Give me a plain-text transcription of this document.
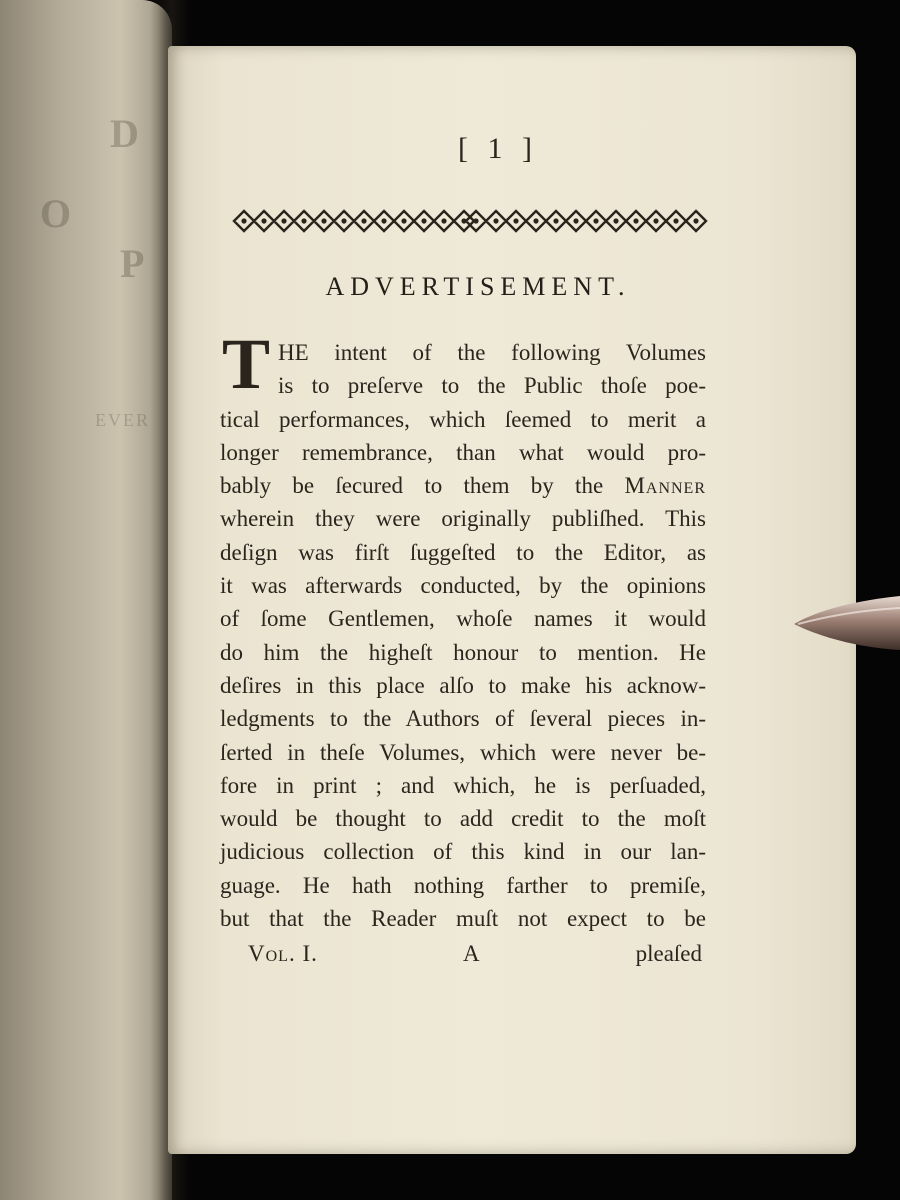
D
O
P
EVER
[ 1 ]
ADVERTISEMENT.
T HE intent of the following Volumes
is to preſerve to the Public thoſe poe-
tical performances, which ſeemed to merit a
longer remembrance, than what would pro-
bably be ſecured to them by the Manner
wherein they were originally publiſhed. This
deſign was firſt ſuggeſted to the Editor, as
it was afterwards conducted, by the opinions
of ſome Gentlemen, whoſe names it would
do him the higheſt honour to mention. He
deſires in this place alſo to make his acknow-
ledgments to the Authors of ſeveral pieces in-
ſerted in theſe Volumes, which were never be-
fore in print ; and which, he is perſuaded,
would be thought to add credit to the moſt
judicious collection of this kind in our lan-
guage. He hath nothing farther to premiſe,
but that the Reader muſt not expect to be
Vol. I.	A	pleaſed
